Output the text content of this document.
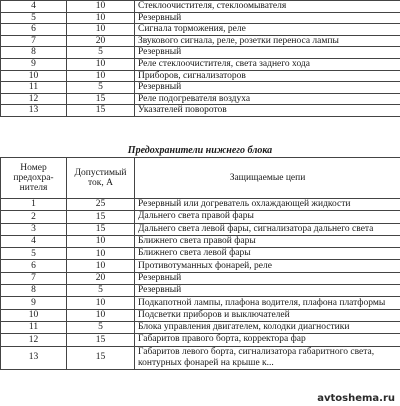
4	10	Стеклоочистителя, стеклоомывателя
5	10	Резервный
6	10	Сигнала торможения, реле
7	20	Звукового сигнала, реле, розетки переноса лампы
8	5	Резервный
9	10	Реле стеклоочистителя, света заднего хода
10	10	Приборов, сигнализаторов
11	5	Резервный
12	15	Реле подогревателя воздуха
13	15	Указателей поворотов
Предохранители нижнего блока
Номер предохра-нителя	Допустимый ток, А	Защищаемые цепи
1	25	Резервный или догреватель охлаждающей жидкости
2	15	Дальнего света правой фары
3	15	Дальнего света левой фары, сигнализатора дальнего света
4	10	Ближнего света правой фары
5	10	Ближнего света левой фары
6	10	Противотуманных фонарей, реле
7	20	Резервный
8	5	Резервный
9	10	Подкапотной лампы, плафона водителя, плафона платформы
10	10	Подсветки приборов и выключателей
11	5	Блока управления двигателем, колодки диагностики
12	15	Габаритов правого борта, корректора фар
13	15	Габаритов левого борта, сигнализатора габаритного света, контурных фонарей на крыше к...
avtoshema.ru
